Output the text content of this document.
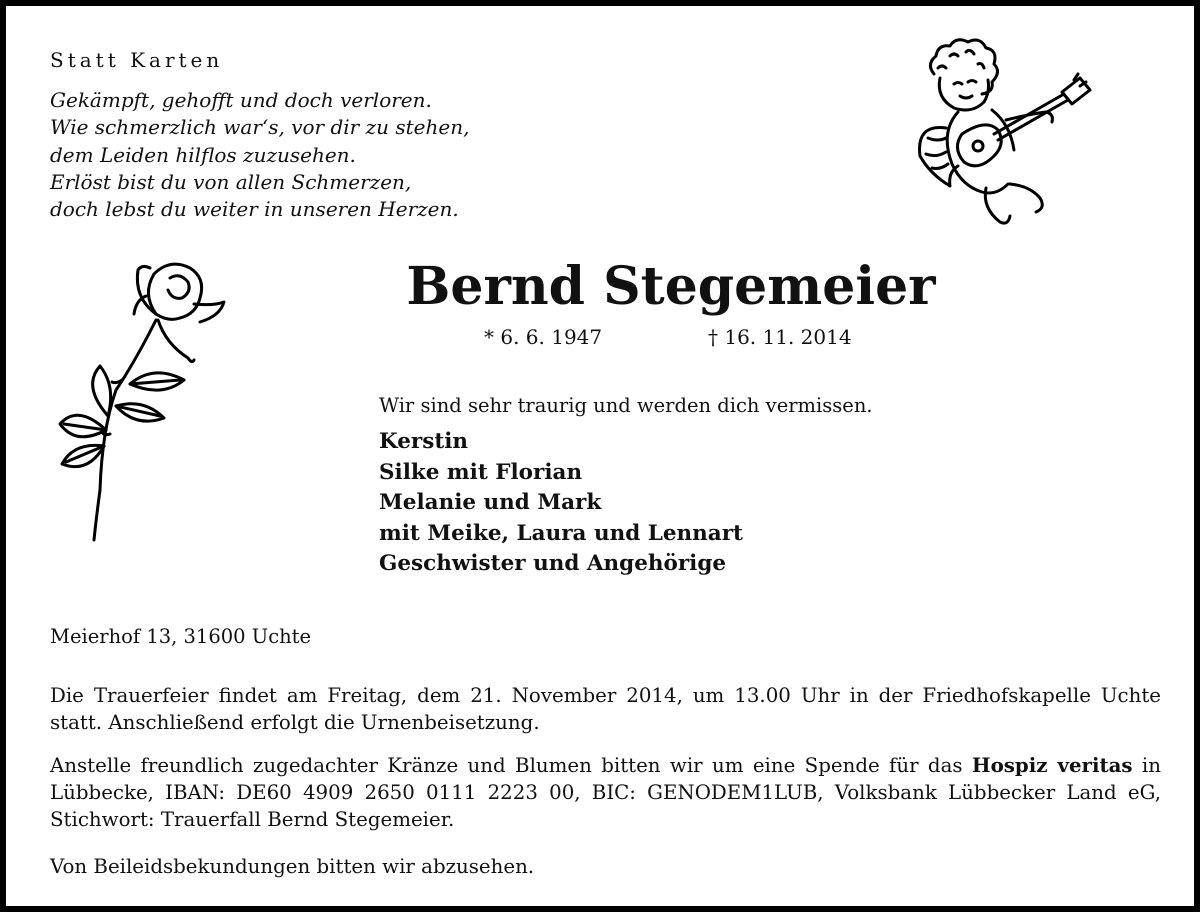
Statt Karten
Gekämpft, gehofft und doch verloren.
Wie schmerzlich war‘s, vor dir zu stehen,
dem Leiden hilflos zuzusehen.
Erlöst bist du von allen Schmerzen,
doch lebst du weiter in unseren Herzen.
Bernd Stegemeier
* 6. 6. 1947	† 16. 11. 2014
Wir sind sehr traurig und werden dich vermissen.
Kerstin
Silke mit Florian
Melanie und Mark
mit Meike, Laura und Lennart
Geschwister und Angehörige
Meierhof 13, 31600 Uchte
Die Trauerfeier findet am Freitag, dem 21. November 2014, um 13.00 Uhr in der Friedhofskapelle Uchte statt. Anschließend erfolgt die Urnenbeisetzung.
Anstelle freundlich zugedachter Kränze und Blumen bitten wir um eine Spende für das Hospiz veritas in Lübbecke, IBAN: DE60 4909 2650 0111 2223 00, BIC: GENODEM1LUB, Volksbank Lübbecker Land eG, Stichwort: Trauerfall Bernd Stegemeier.
Von Beileidsbekundungen bitten wir abzusehen.
